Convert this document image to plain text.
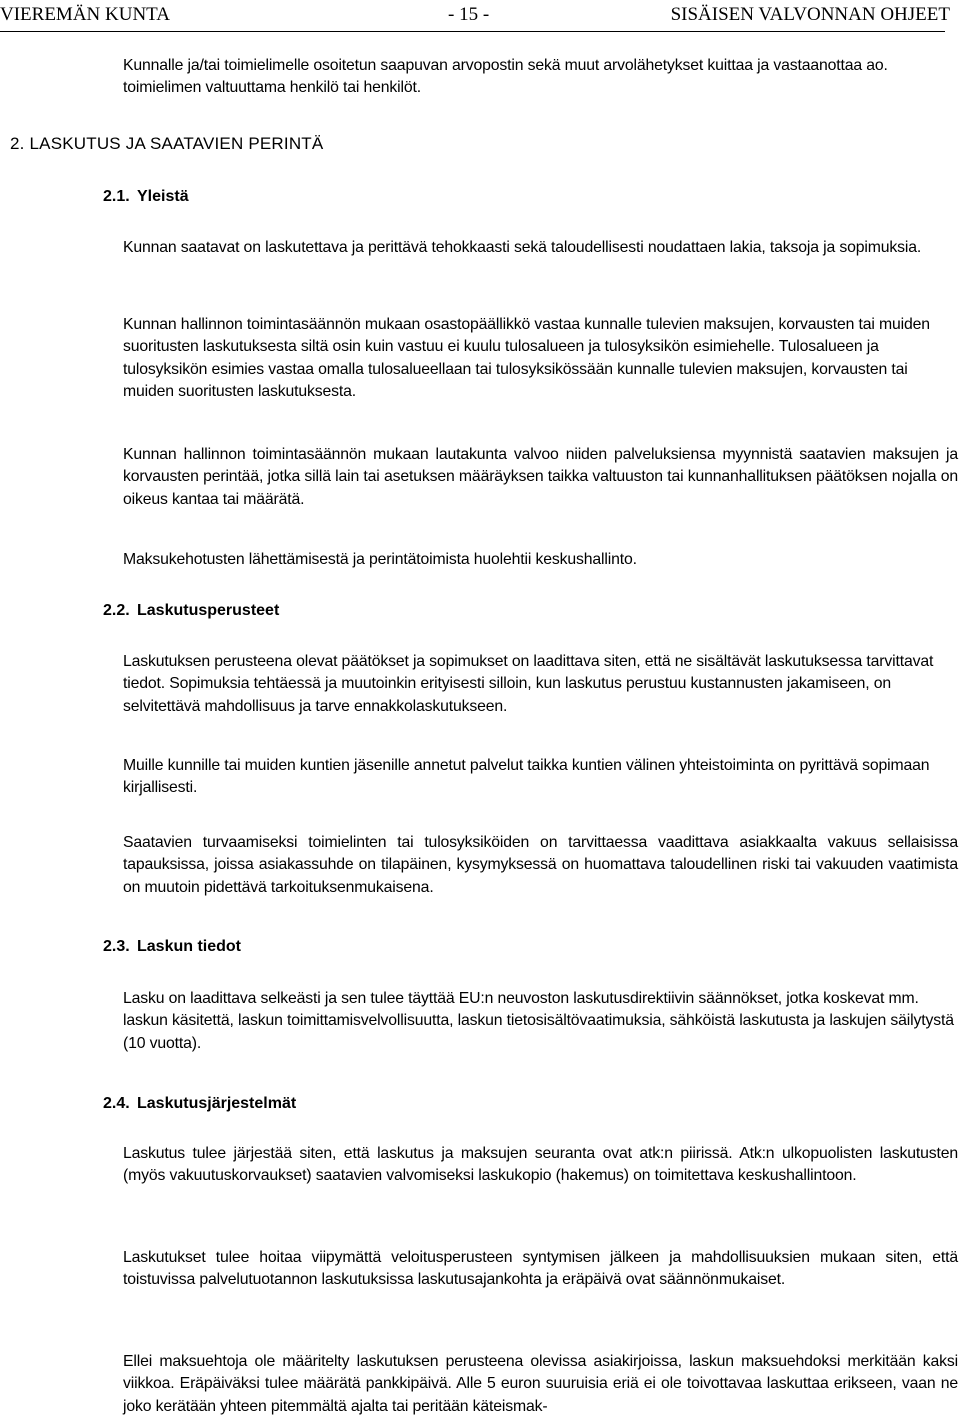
VIEREMÄN KUNTA	- 15 -	SISÄISEN VALVONNAN OHJEET

Kunnalle ja/tai toimielimelle osoitetun saapuvan arvopostin sekä muut arvolähetykset kuittaa ja vastaanottaa ao. toimielimen valtuuttama henkilö tai henkilöt.

2. LASKUTUS JA SAATAVIEN PERINTÄ

2.1. Yleistä

Kunnan saatavat on laskutettava ja perittävä tehokkaasti sekä taloudellisesti noudattaen lakia, taksoja ja sopimuksia.

Kunnan hallinnon toimintasäännön mukaan osastopäällikkö vastaa kunnalle tulevien maksujen, korvausten tai muiden suoritusten laskutuksesta siltä osin kuin vastuu ei kuulu tulosalueen ja tulosyksikön esimiehelle. Tulosalueen ja tulosyksikön esimies vastaa omalla tulosalueellaan tai tulosyksikössään kunnalle tulevien maksujen, korvausten tai muiden suoritusten laskutuksesta.

Kunnan hallinnon toimintasäännön mukaan lautakunta valvoo niiden palveluksiensa myynnistä saatavien maksujen ja korvausten perintää, jotka sillä lain tai asetuksen määräyksen taikka valtuuston tai kunnanhallituksen päätöksen nojalla on oikeus kantaa tai määrätä.

Maksukehotusten lähettämisestä ja perintätoimista huolehtii keskushallinto.

2.2. Laskutusperusteet

Laskutuksen perusteena olevat päätökset ja sopimukset on laadittava siten, että ne sisältävät laskutuksessa tarvittavat tiedot. Sopimuksia tehtäessä ja muutoinkin erityisesti silloin, kun laskutus perustuu kustannusten jakamiseen, on selvitettävä mahdollisuus ja tarve ennakkolaskutukseen.

Muille kunnille tai muiden kuntien jäsenille annetut palvelut taikka kuntien välinen yhteistoiminta on pyrittävä sopimaan kirjallisesti.

Saatavien turvaamiseksi toimielinten tai tulosyksiköiden on tarvittaessa vaadittava asiakkaalta vakuus sellaisissa tapauksissa, joissa asiakassuhde on tilapäinen, kysymyksessä on huomattava taloudellinen riski tai vakuuden vaatimista on muutoin pidettävä tarkoituksenmukaisena.

2.3. Laskun tiedot

Lasku on laadittava selkeästi ja sen tulee täyttää EU:n neuvoston laskutusdirektiivin säännökset, jotka koskevat mm. laskun käsitettä, laskun toimittamisvelvollisuutta, laskun tietosisältövaatimuksia, sähköistä laskutusta ja laskujen säilytystä (10 vuotta).

2.4. Laskutusjärjestelmät

Laskutus tulee järjestää siten, että laskutus ja maksujen seuranta ovat atk:n piirissä. Atk:n ulkopuolisten laskutusten (myös vakuutuskorvaukset) saatavien valvomiseksi laskukopio (hakemus) on toimitettava keskushallintoon.

Laskutukset tulee hoitaa viipymättä veloitusperusteen syntymisen jälkeen ja mahdollisuuksien mukaan siten, että toistuvissa palvelutuotannon laskutuksissa laskutusajankohta ja eräpäivä ovat säännönmukaiset.

Ellei maksuehtoja ole määritelty laskutuksen perusteena olevissa asiakirjoissa, laskun maksuehdoksi merkitään kaksi viikkoa. Eräpäiväksi tulee määrätä pankkipäivä. Alle 5 euron suuruisia eriä ei ole toivottavaa laskuttaa erikseen, vaan ne joko kerätään yhteen pitemmältä ajalta tai peritään käteismak-
